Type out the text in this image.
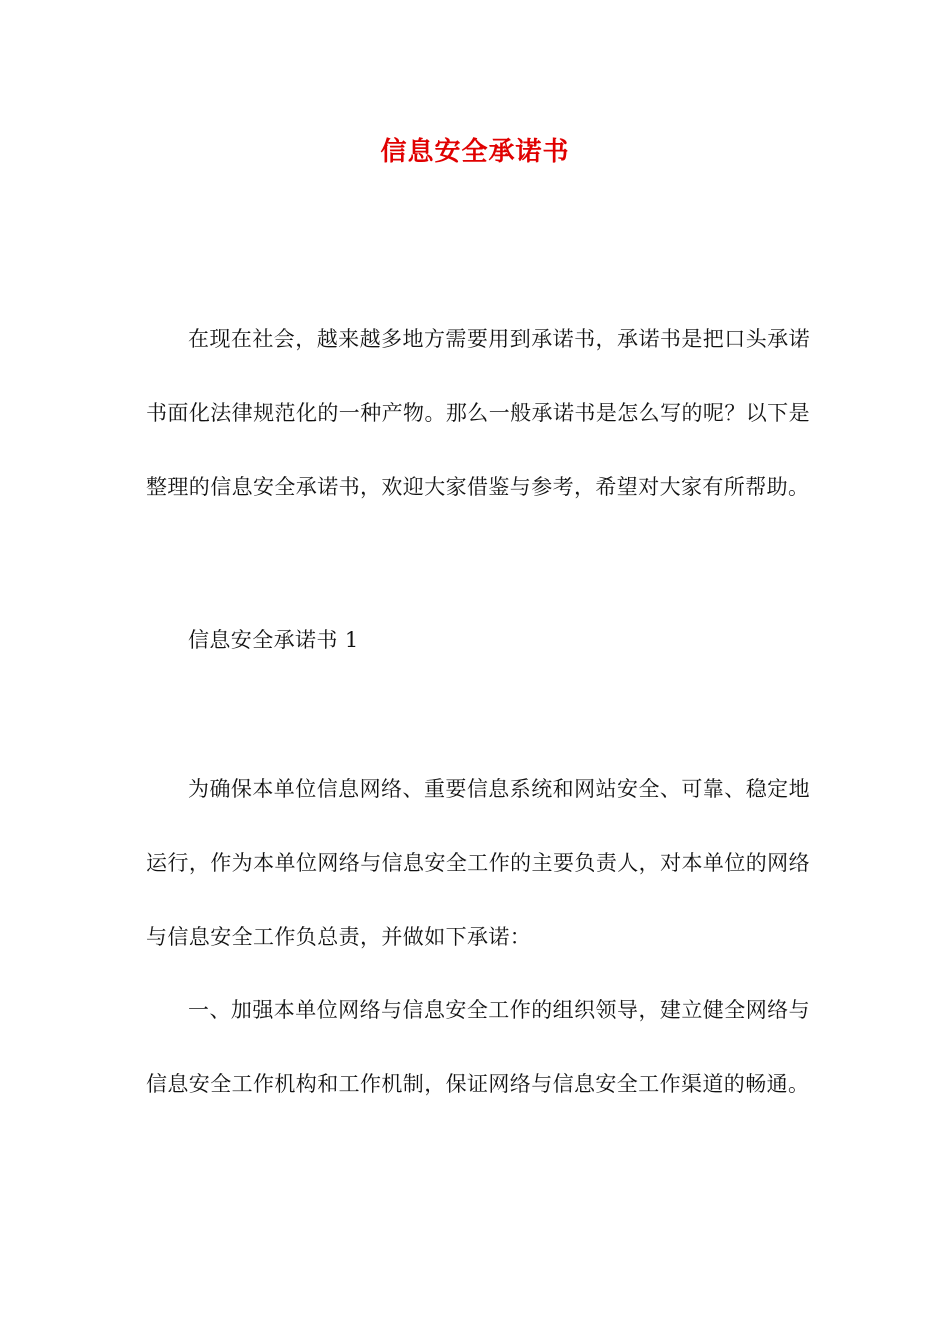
信息安全承诺书

在现在社会，越来越多地方需要用到承诺书，承诺书是把口头承诺书面化法律规范化的一种产物。那么一般承诺书是怎么写的呢？以下是整理的信息安全承诺书，欢迎大家借鉴与参考，希望对大家有所帮助。

信息安全承诺书 1

为确保本单位信息网络、重要信息系统和网站安全、可靠、稳定地运行，作为本单位网络与信息安全工作的主要负责人，对本单位的网络与信息安全工作负总责，并做如下承诺：

一、加强本单位网络与信息安全工作的组织领导，建立健全网络与信息安全工作机构和工作机制，保证网络与信息安全工作渠道的畅通。
